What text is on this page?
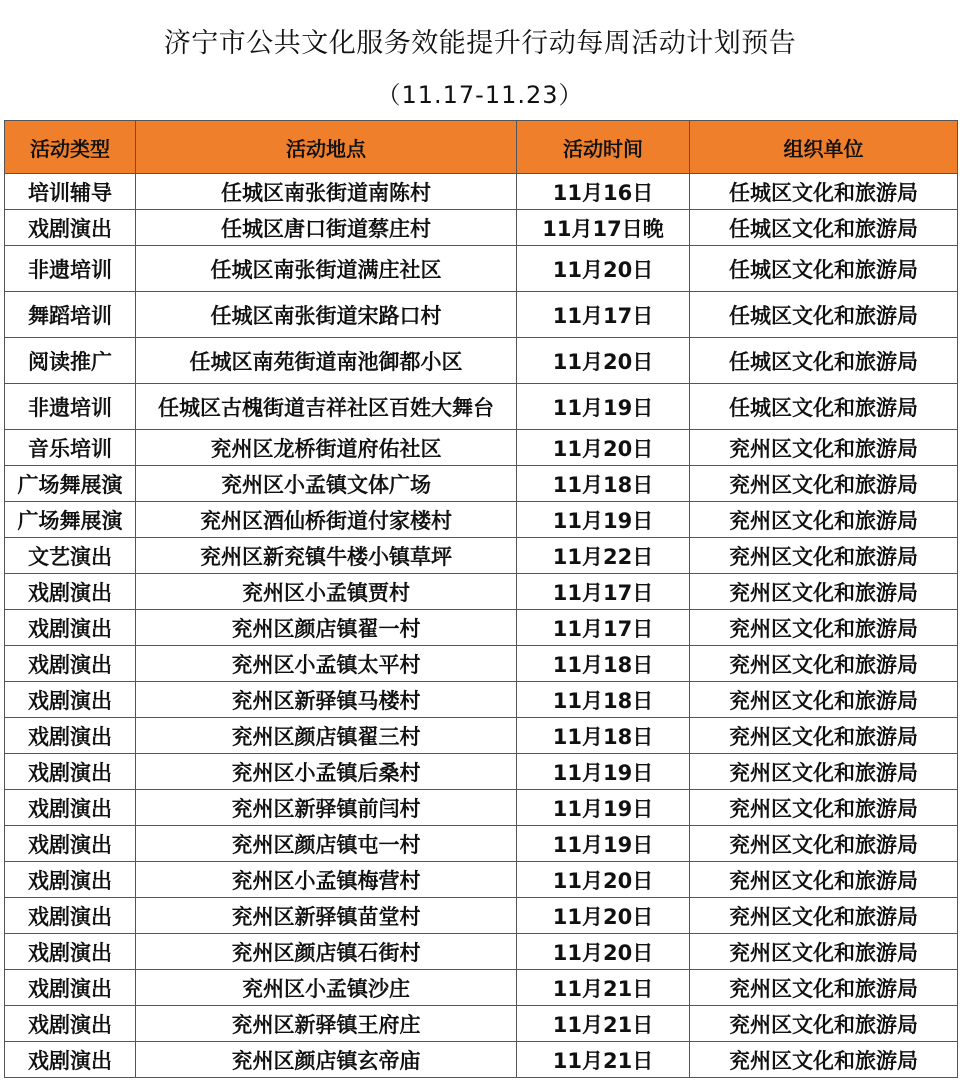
济宁市公共文化服务效能提升行动每周活动计划预告
（11.17-11.23）
活动类型	活动地点	活动时间	组织单位
培训辅导	任城区南张街道南陈村	11月16日	任城区文化和旅游局
戏剧演出	任城区唐口街道蔡庄村	11月17日晚	任城区文化和旅游局
非遗培训	任城区南张街道满庄社区	11月20日	任城区文化和旅游局
舞蹈培训	任城区南张街道宋路口村	11月17日	任城区文化和旅游局
阅读推广	任城区南苑街道南池御都小区	11月20日	任城区文化和旅游局
非遗培训	任城区古槐街道吉祥社区百姓大舞台	11月19日	任城区文化和旅游局
音乐培训	兖州区龙桥街道府佑社区	11月20日	兖州区文化和旅游局
广场舞展演	兖州区小孟镇文体广场	11月18日	兖州区文化和旅游局
广场舞展演	兖州区酒仙桥街道付家楼村	11月19日	兖州区文化和旅游局
文艺演出	兖州区新兖镇牛楼小镇草坪	11月22日	兖州区文化和旅游局
戏剧演出	兖州区小孟镇贾村	11月17日	兖州区文化和旅游局
戏剧演出	兖州区颜店镇翟一村	11月17日	兖州区文化和旅游局
戏剧演出	兖州区小孟镇太平村	11月18日	兖州区文化和旅游局
戏剧演出	兖州区新驿镇马楼村	11月18日	兖州区文化和旅游局
戏剧演出	兖州区颜店镇翟三村	11月18日	兖州区文化和旅游局
戏剧演出	兖州区小孟镇后桑村	11月19日	兖州区文化和旅游局
戏剧演出	兖州区新驿镇前闫村	11月19日	兖州区文化和旅游局
戏剧演出	兖州区颜店镇屯一村	11月19日	兖州区文化和旅游局
戏剧演出	兖州区小孟镇梅营村	11月20日	兖州区文化和旅游局
戏剧演出	兖州区新驿镇苗堂村	11月20日	兖州区文化和旅游局
戏剧演出	兖州区颜店镇石街村	11月20日	兖州区文化和旅游局
戏剧演出	兖州区小孟镇沙庄	11月21日	兖州区文化和旅游局
戏剧演出	兖州区新驿镇王府庄	11月21日	兖州区文化和旅游局
戏剧演出	兖州区颜店镇玄帝庙	11月21日	兖州区文化和旅游局
